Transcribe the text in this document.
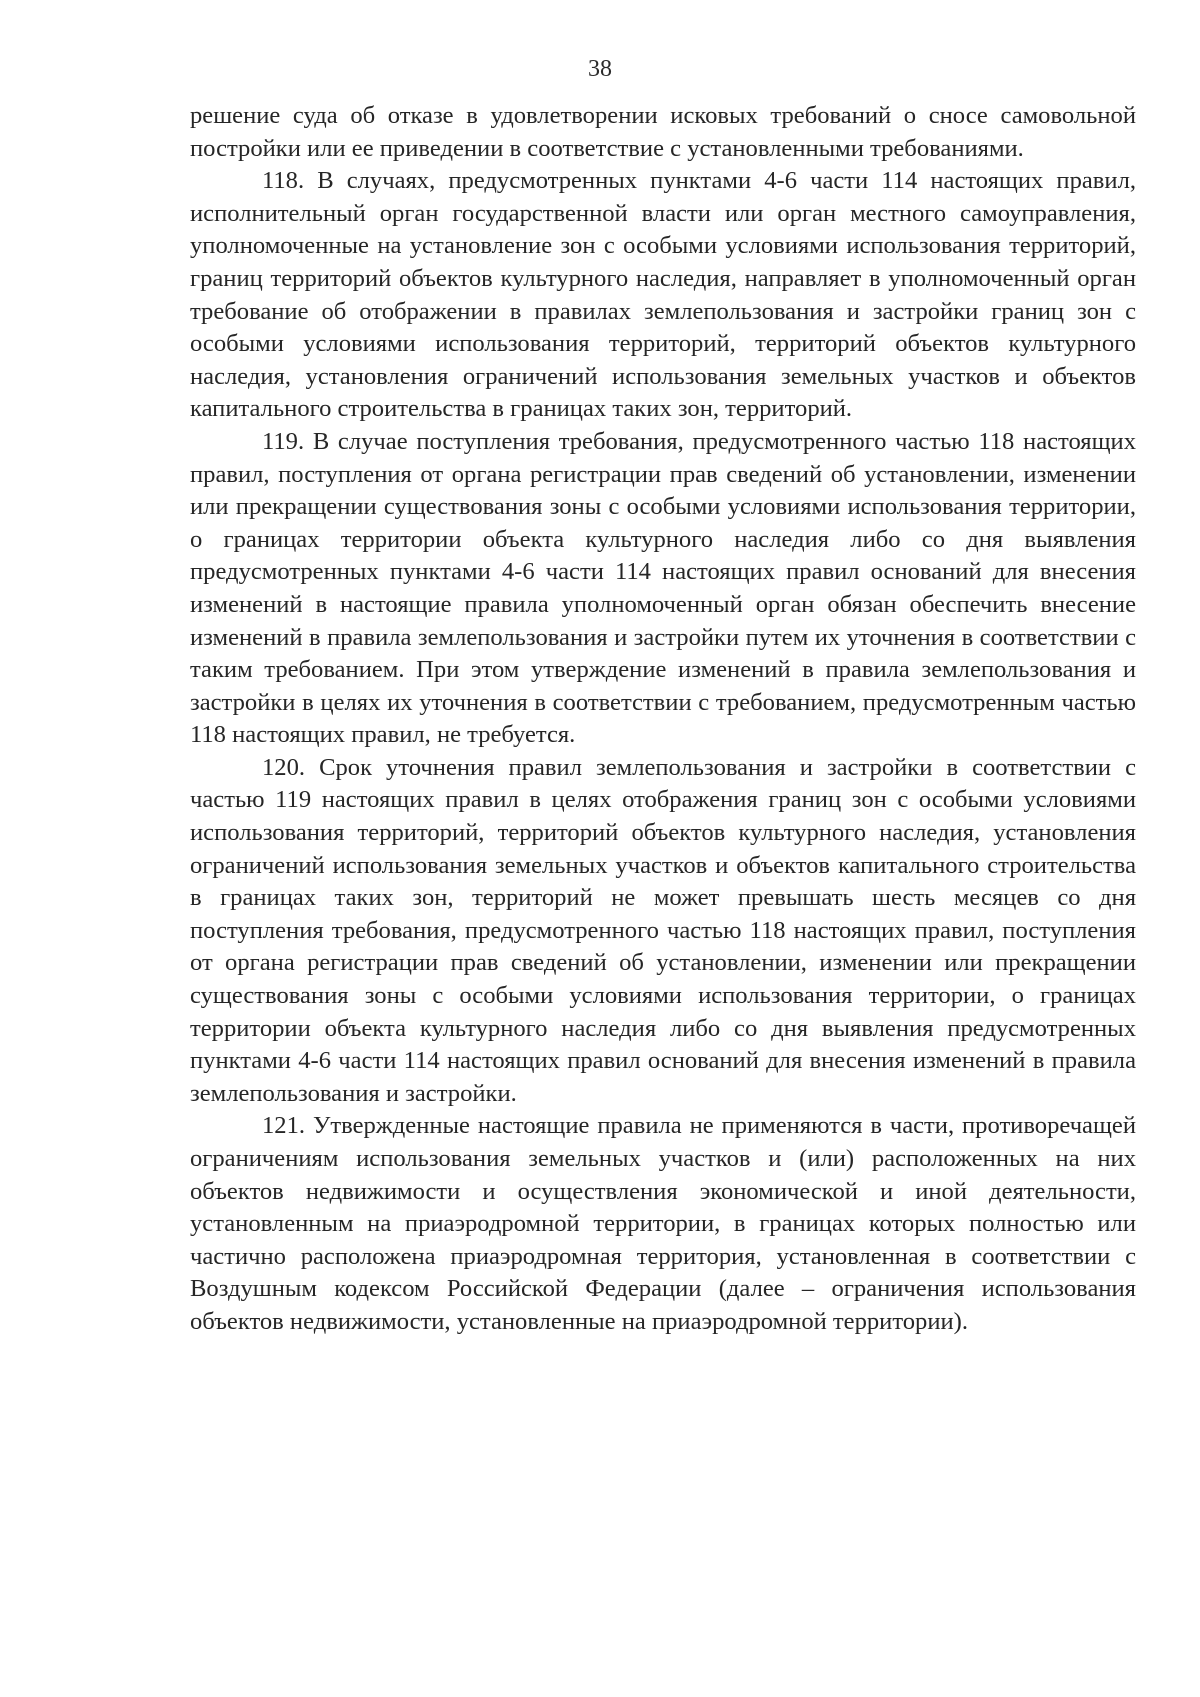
38

решение суда об отказе в удовлетворении исковых требований о сносе самовольной постройки или ее приведении в соответствие с установленными требованиями.

118. В случаях, предусмотренных пунктами 4-6 части 114 настоящих правил, исполнительный орган государственной власти или орган местного самоуправления, уполномоченные на установление зон с особыми условиями использования территорий, границ территорий объектов культурного наследия, направляет в уполномоченный орган требование об отображении в правилах землепользования и застройки границ зон с особыми условиями использования территорий, территорий объектов культурного наследия, установления ограничений использования земельных участков и объектов капитального строительства в границах таких зон, территорий.

119. В случае поступления требования, предусмотренного частью 118 настоящих правил, поступления от органа регистрации прав сведений об установлении, изменении или прекращении существования зоны с особыми условиями использования территории, о границах территории объекта культурного наследия либо со дня выявления предусмотренных пунктами 4-6 части 114 настоящих правил оснований для внесения изменений в настоящие правила уполномоченный орган обязан обеспечить внесение изменений в правила землепользования и застройки путем их уточнения в соответствии с таким требованием. При этом утверждение изменений в правила землепользования и застройки в целях их уточнения в соответствии с требованием, предусмотренным частью 118 настоящих правил, не требуется.

120. Срок уточнения правил землепользования и застройки в соответствии с частью 119 настоящих правил в целях отображения границ зон с особыми условиями использования территорий, территорий объектов культурного наследия, установления ограничений использования земельных участков и объектов капитального строительства в границах таких зон, территорий не может превышать шесть месяцев со дня поступления требования, предусмотренного частью 118 настоящих правил, поступления от органа регистрации прав сведений об установлении, изменении или прекращении существования зоны с особыми условиями использования территории, о границах территории объекта культурного наследия либо со дня выявления предусмотренных пунктами 4-6 части 114 настоящих правил оснований для внесения изменений в правила землепользования и застройки.

121. Утвержденные настоящие правила не применяются в части, противоречащей ограничениям использования земельных участков и (или) расположенных на них объектов недвижимости и осуществления экономической и иной деятельности, установленным на приаэродромной территории, в границах которых полностью или частично расположена приаэродромная территория, установленная в соответствии с Воздушным кодексом Российской Федерации (далее – ограничения использования объектов недвижимости, установленные на приаэродромной территории).
